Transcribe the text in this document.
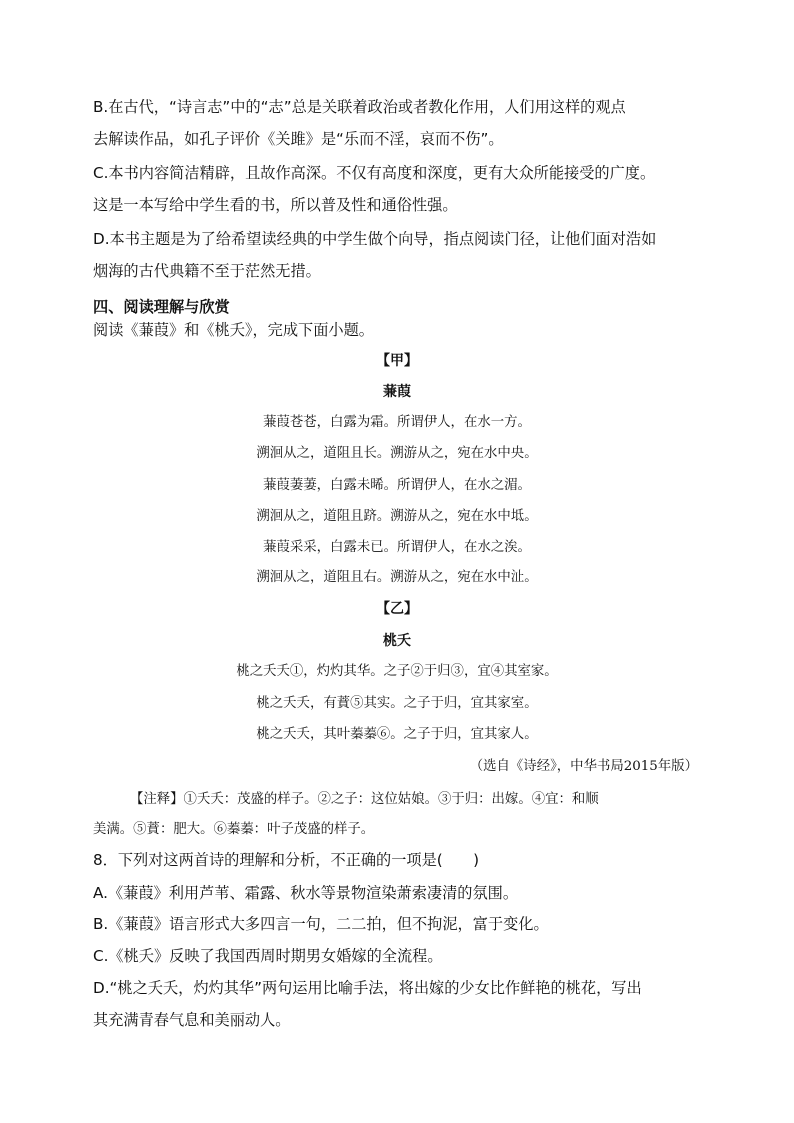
B.在古代，“诗言志”中的“志”总是关联着政治或者教化作用，人们用这样的观点
去解读作品，如孔子评价《关雎》是“乐而不淫，哀而不伤”。
C.本书内容简洁精辟，且故作高深。不仅有高度和深度，更有大众所能接受的广度。
这是一本写给中学生看的书，所以普及性和通俗性强。
D.本书主题是为了给希望读经典的中学生做个向导，指点阅读门径，让他们面对浩如
烟海的古代典籍不至于茫然无措。
四、阅读理解与欣赏
阅读《蒹葭》和《桃夭》，完成下面小题。
【甲】
蒹葭
蒹葭苍苍，白露为霜。所谓伊人，在水一方。
溯洄从之，道阻且长。溯游从之，宛在水中央。
蒹葭萋萋，白露未晞。所谓伊人，在水之湄。
溯洄从之，道阻且跻。溯游从之，宛在水中坻。
蒹葭采采，白露未已。所谓伊人，在水之涘。
溯洄从之，道阻且右。溯游从之，宛在水中沚。
【乙】
桃夭
桃之夭夭①，灼灼其华。之子②于归③，宜④其室家。
桃之夭夭，有蕡⑤其实。之子于归，宜其家室。
桃之夭夭，其叶蓁蓁⑥。之子于归，宜其家人。
（选自《诗经》，中华书局2015年版）
【注释】①夭夭：茂盛的样子。②之子：这位姑娘。③于归：出嫁。④宜：和顺
美满。⑤蕡：肥大。⑥蓁蓁：叶子茂盛的样子。
8．下列对这两首诗的理解和分析，不正确的一项是(　　)
A.《蒹葭》利用芦苇、霜露、秋水等景物渲染萧索凄清的氛围。
B.《蒹葭》语言形式大多四言一句，二二拍，但不拘泥，富于变化。
C.《桃夭》反映了我国西周时期男女婚嫁的全流程。
D.“桃之夭夭，灼灼其华”两句运用比喻手法，将出嫁的少女比作鲜艳的桃花，写出
其充满青春气息和美丽动人。
